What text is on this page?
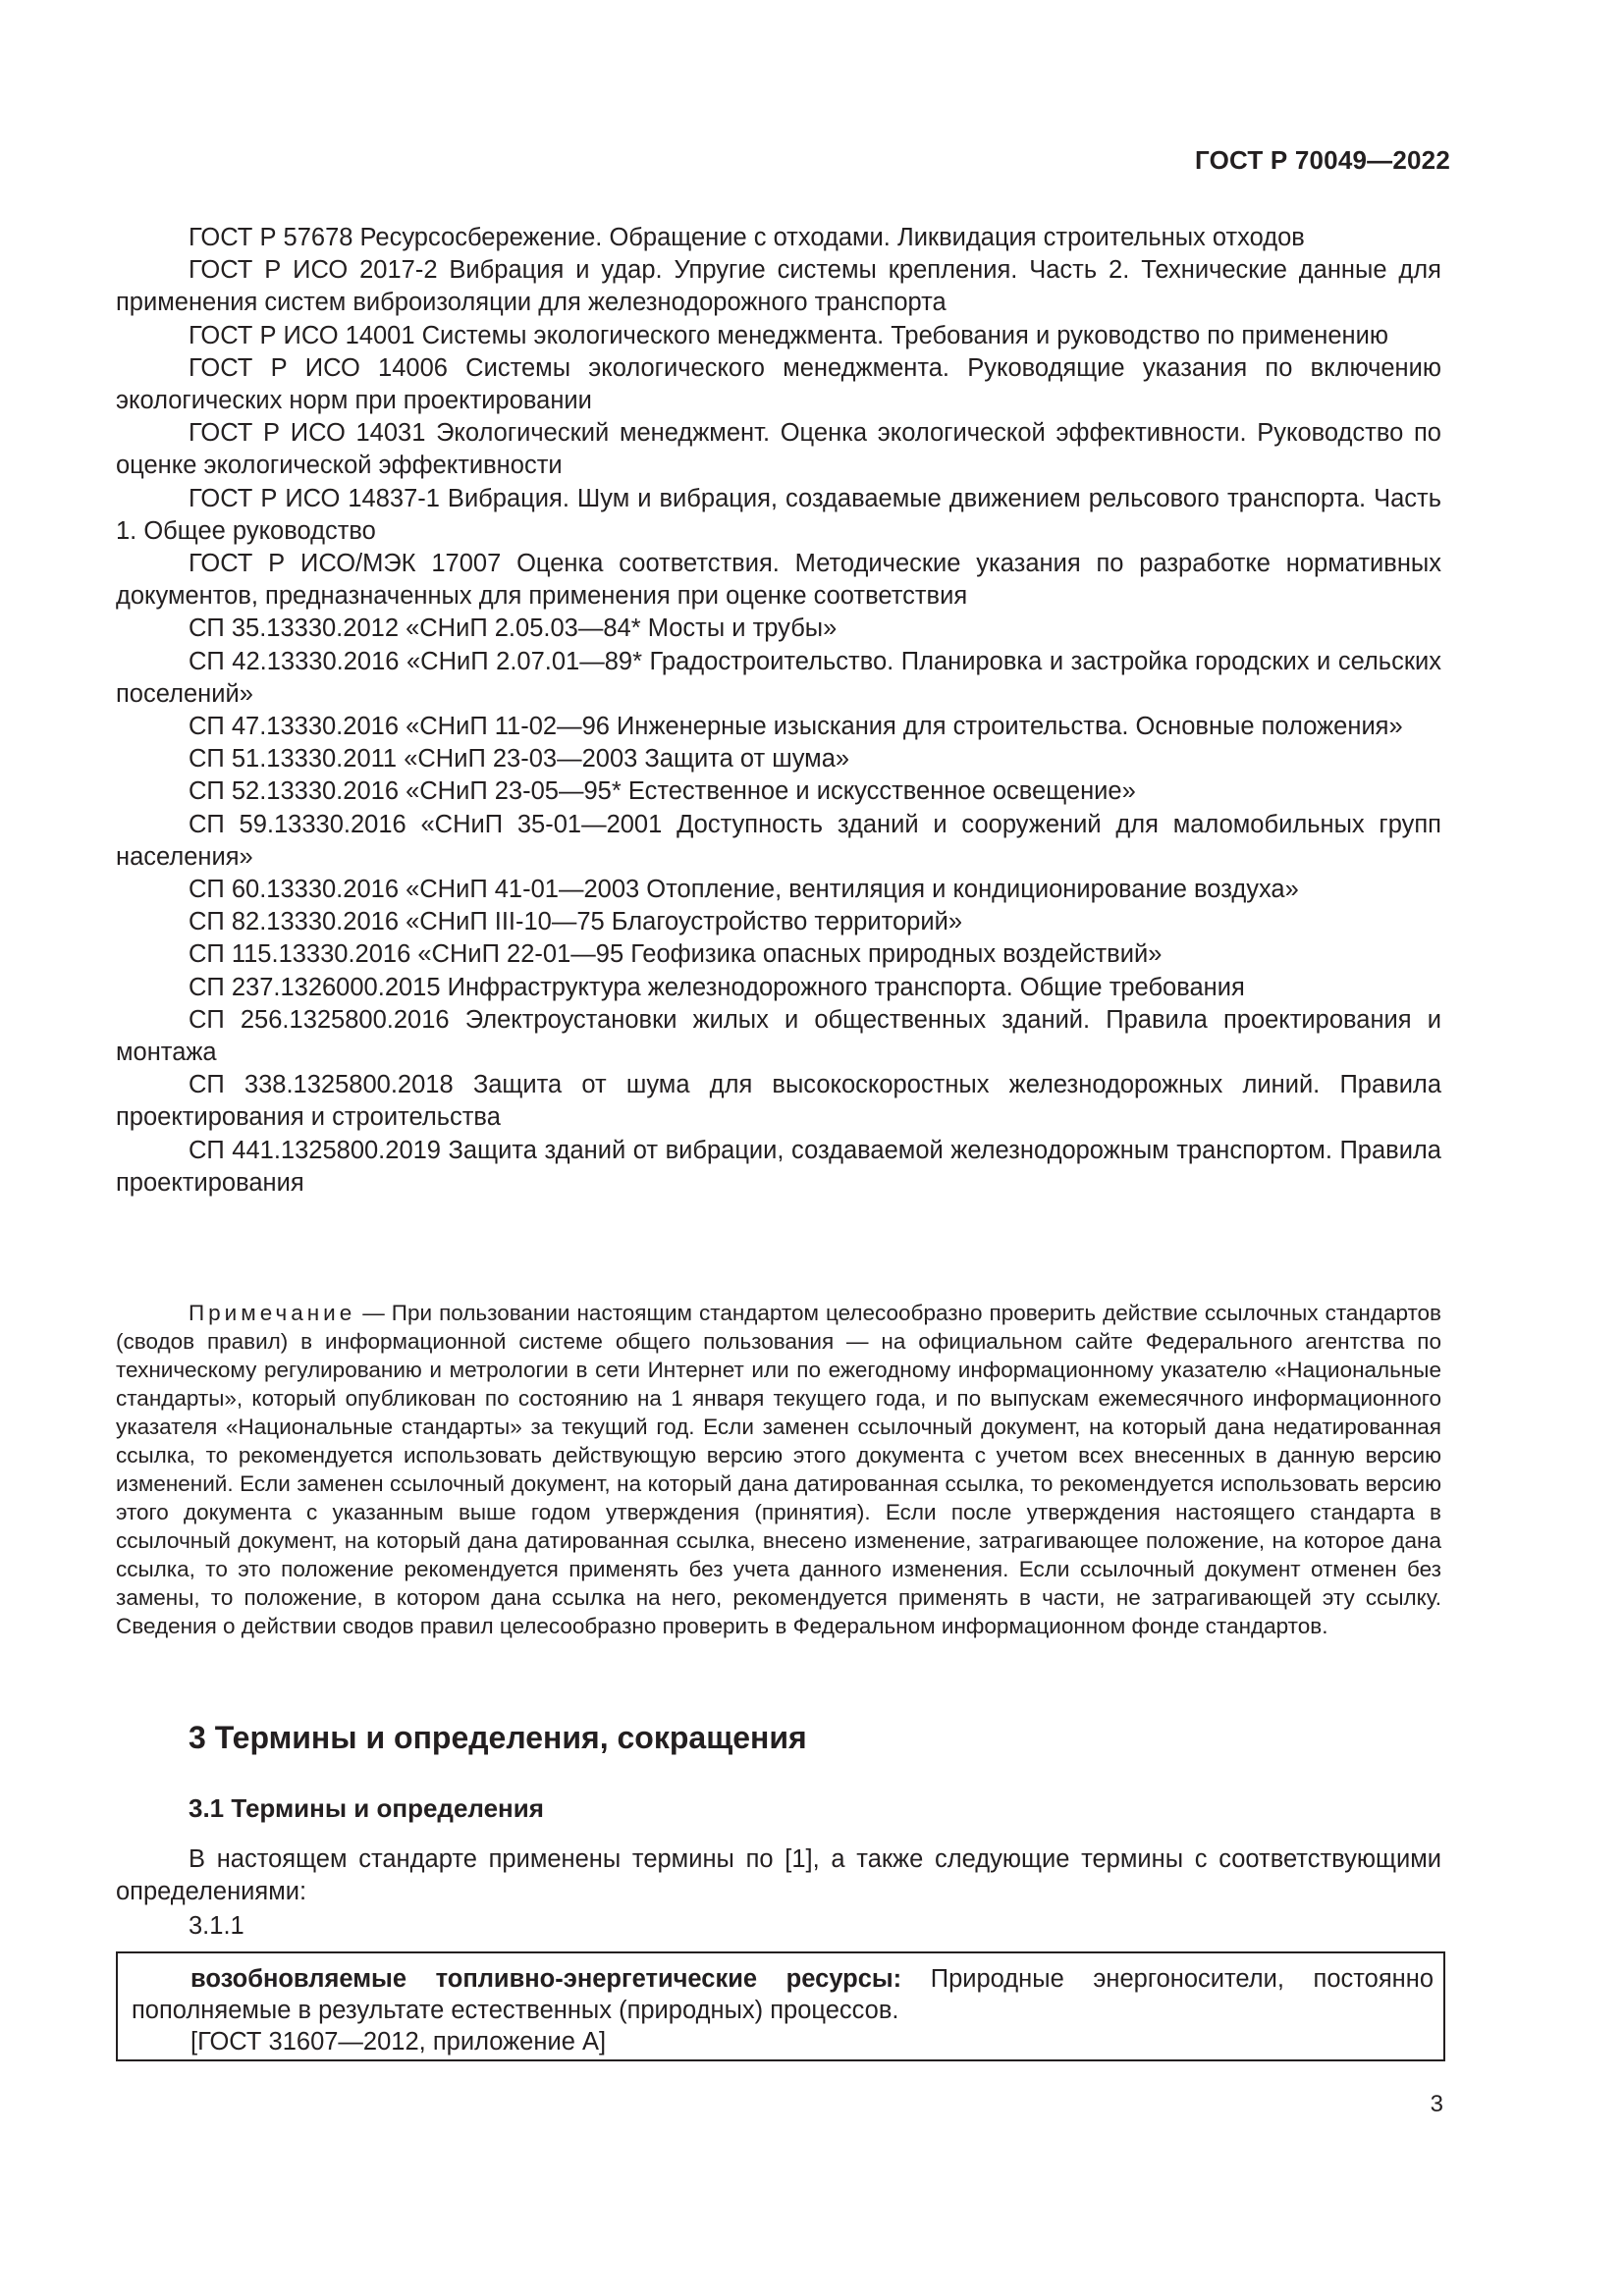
ГОСТ Р 70049—2022

ГОСТ Р 57678 Ресурсосбережение. Обращение с отходами. Ликвидация строительных отходов

ГОСТ Р ИСО 2017-2 Вибрация и удар. Упругие системы крепления. Часть 2. Технические данные для применения систем виброизоляции для железнодорожного транспорта

ГОСТ Р ИСО 14001 Системы экологического менеджмента. Требования и руководство по применению

ГОСТ Р ИСО 14006 Системы экологического менеджмента. Руководящие указания по включению экологических норм при проектировании

ГОСТ Р ИСО 14031 Экологический менеджмент. Оценка экологической эффективности. Руководство по оценке экологической эффективности

ГОСТ Р ИСО 14837-1 Вибрация. Шум и вибрация, создаваемые движением рельсового транспорта. Часть 1. Общее руководство

ГОСТ Р ИСО/МЭК 17007 Оценка соответствия. Методические указания по разработке нормативных документов, предназначенных для применения при оценке соответствия

СП 35.13330.2012 «СНиП 2.05.03—84* Мосты и трубы»

СП 42.13330.2016 «СНиП 2.07.01—89* Градостроительство. Планировка и застройка городских и сельских поселений»

СП 47.13330.2016 «СНиП 11-02—96 Инженерные изыскания для строительства. Основные положения»

СП 51.13330.2011 «СНиП 23-03—2003 Защита от шума»

СП 52.13330.2016 «СНиП 23-05—95* Естественное и искусственное освещение»

СП 59.13330.2016 «СНиП 35-01—2001 Доступность зданий и сооружений для маломобильных групп населения»

СП 60.13330.2016 «СНиП 41-01—2003 Отопление, вентиляция и кондиционирование воздуха»

СП 82.13330.2016 «СНиП III-10—75 Благоустройство территорий»

СП 115.13330.2016 «СНиП 22-01—95 Геофизика опасных природных воздействий»

СП 237.1326000.2015 Инфраструктура железнодорожного транспорта. Общие требования

СП 256.1325800.2016 Электроустановки жилых и общественных зданий. Правила проектирования и монтажа

СП 338.1325800.2018 Защита от шума для высокоскоростных железнодорожных линий. Правила проектирования и строительства

СП 441.1325800.2019 Защита зданий от вибрации, создаваемой железнодорожным транспортом. Правила проектирования

Примечание — При пользовании настоящим стандартом целесообразно проверить действие ссылочных стандартов (сводов правил) в информационной системе общего пользования — на официальном сайте Федерального агентства по техническому регулированию и метрологии в сети Интернет или по ежегодному информационному указателю «Национальные стандарты», который опубликован по состоянию на 1 января текущего года, и по выпускам ежемесячного информационного указателя «Национальные стандарты» за текущий год. Если заменен ссылочный документ, на который дана недатированная ссылка, то рекомендуется использовать действующую версию этого документа с учетом всех внесенных в данную версию изменений. Если заменен ссылочный документ, на который дана датированная ссылка, то рекомендуется использовать версию этого документа с указанным выше годом утверждения (принятия). Если после утверждения настоящего стандарта в ссылочный документ, на который дана датированная ссылка, внесено изменение, затрагивающее положение, на которое дана ссылка, то это положение рекомендуется применять без учета данного изменения. Если ссылочный документ отменен без замены, то положение, в котором дана ссылка на него, рекомендуется применять в части, не затрагивающей эту ссылку. Сведения о действии сводов правил целесообразно проверить в Федеральном информационном фонде стандартов.

3 Термины и определения, сокращения
3.1 Термины и определения

В настоящем стандарте применены термины по [1], а также следующие термины с соответствующими определениями:

3.1.1

возобновляемые топливно-энергетические ресурсы: Природные энергоносители, постоянно пополняемые в результате естественных (природных) процессов.

[ГОСТ 31607—2012, приложение А]

3
